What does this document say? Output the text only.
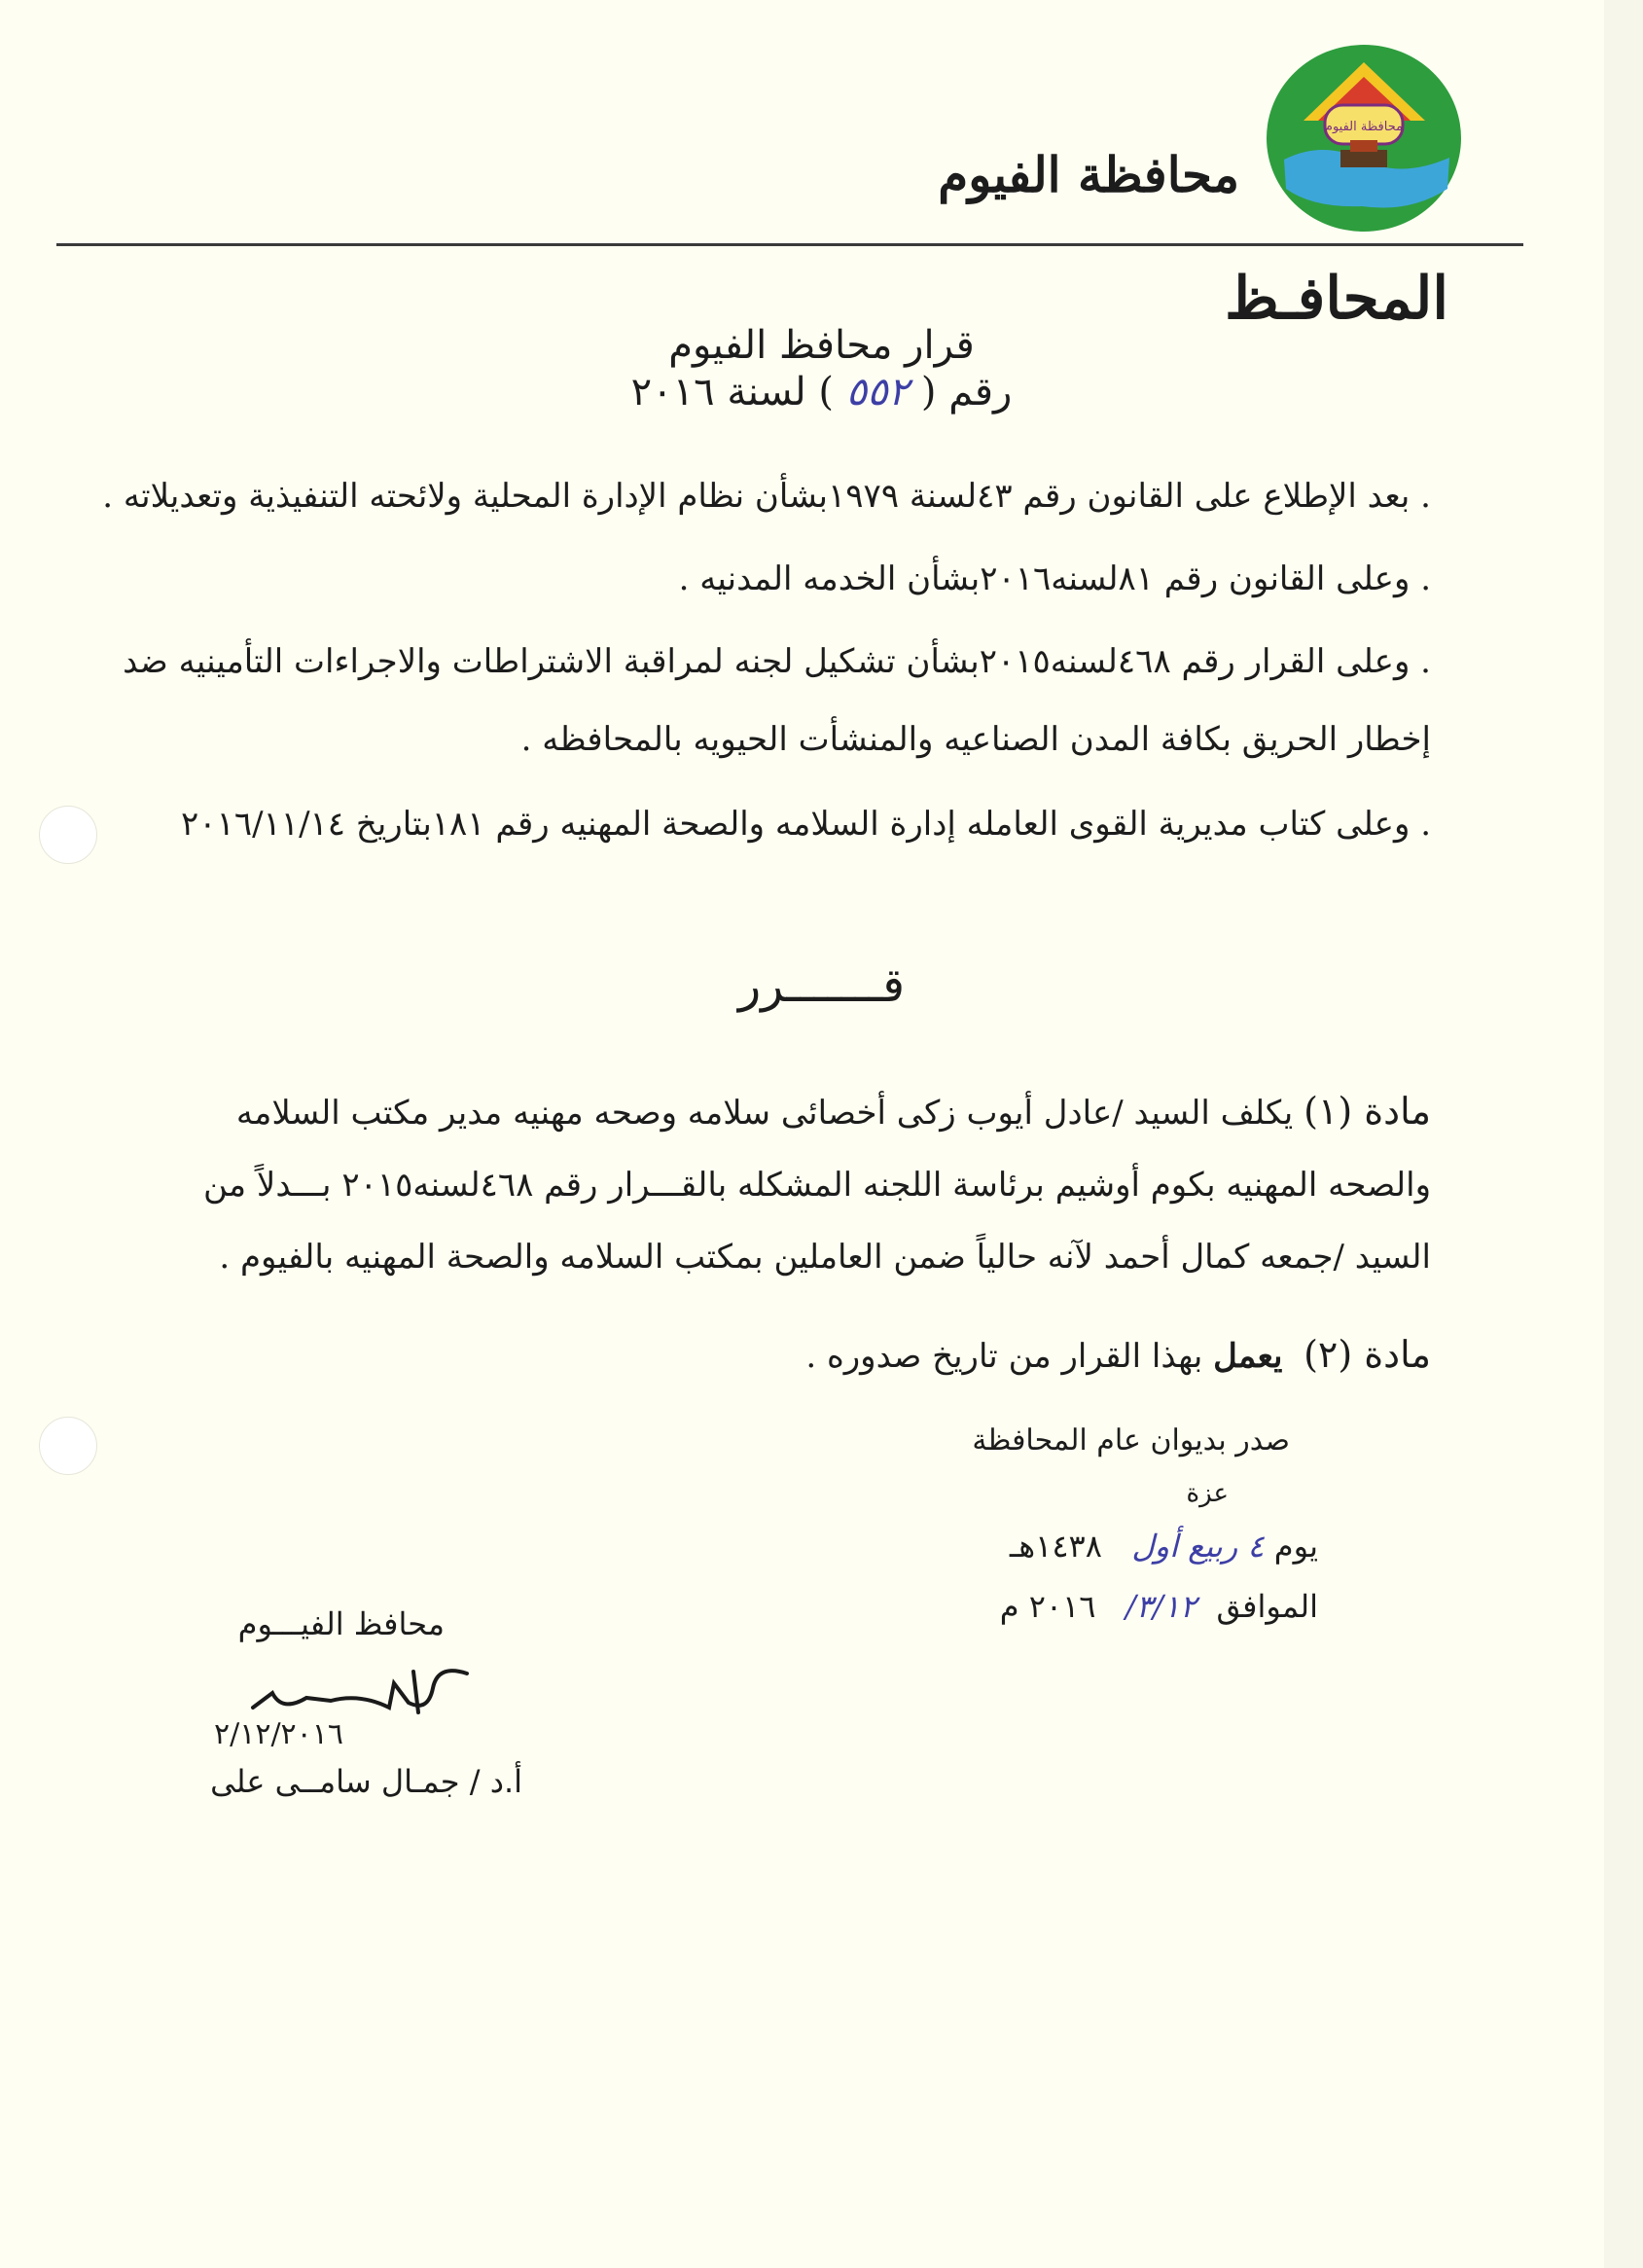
محافظة الفيوم
محافظة الفيوم
المحافـظ
قرار محافظ الفيوم
رقم ( ٥٥٢ ) لسنة ٢٠١٦
. بعد الإطلاع على القانون رقم ٤٣لسنة ١٩٧٩بشأن نظام الإدارة المحلية ولائحته التنفيذية وتعديلاته .
. وعلى القانون رقم ٨١لسنه٢٠١٦بشأن الخدمه المدنيه .
. وعلى القرار رقم ٤٦٨لسنه٢٠١٥بشأن تشكيل لجنه لمراقبة الاشتراطات والاجراءات التأمينيه ضد
إخطار الحريق بكافة المدن الصناعيه والمنشأت الحيويه بالمحافظه .
. وعلى كتاب مديرية القوى العامله إدارة السلامه والصحة المهنيه رقم ١٨١بتاريخ ٢٠١٦/١١/١٤
قـــــــرر
مادة (١) يكلف السيد /عادل أيوب زكى أخصائى سلامه وصحه مهنيه مدير مكتب السلامه والصحه المهنيه بكوم أوشيم برئاسة اللجنه المشكله بالقـــرار رقم ٤٦٨لسنه٢٠١٥ بـــدلاً من السيد /جمعه كمال أحمد لآنه حالياً ضمن العاملين بمكتب السلامه والصحة المهنيه بالفيوم .
مادة (٢)  يعمل بهذا القرار من تاريخ صدوره .
صدر بديوان عام المحافظة
عزة
يوم ٤ ربيع أول   ١٤٣٨هـ
الموافق  ٣/١٢/   ٢٠١٦ م
محافظ الفيـــوم
٢/١٢/٢٠١٦
أ.د / جمـال سامــى على
